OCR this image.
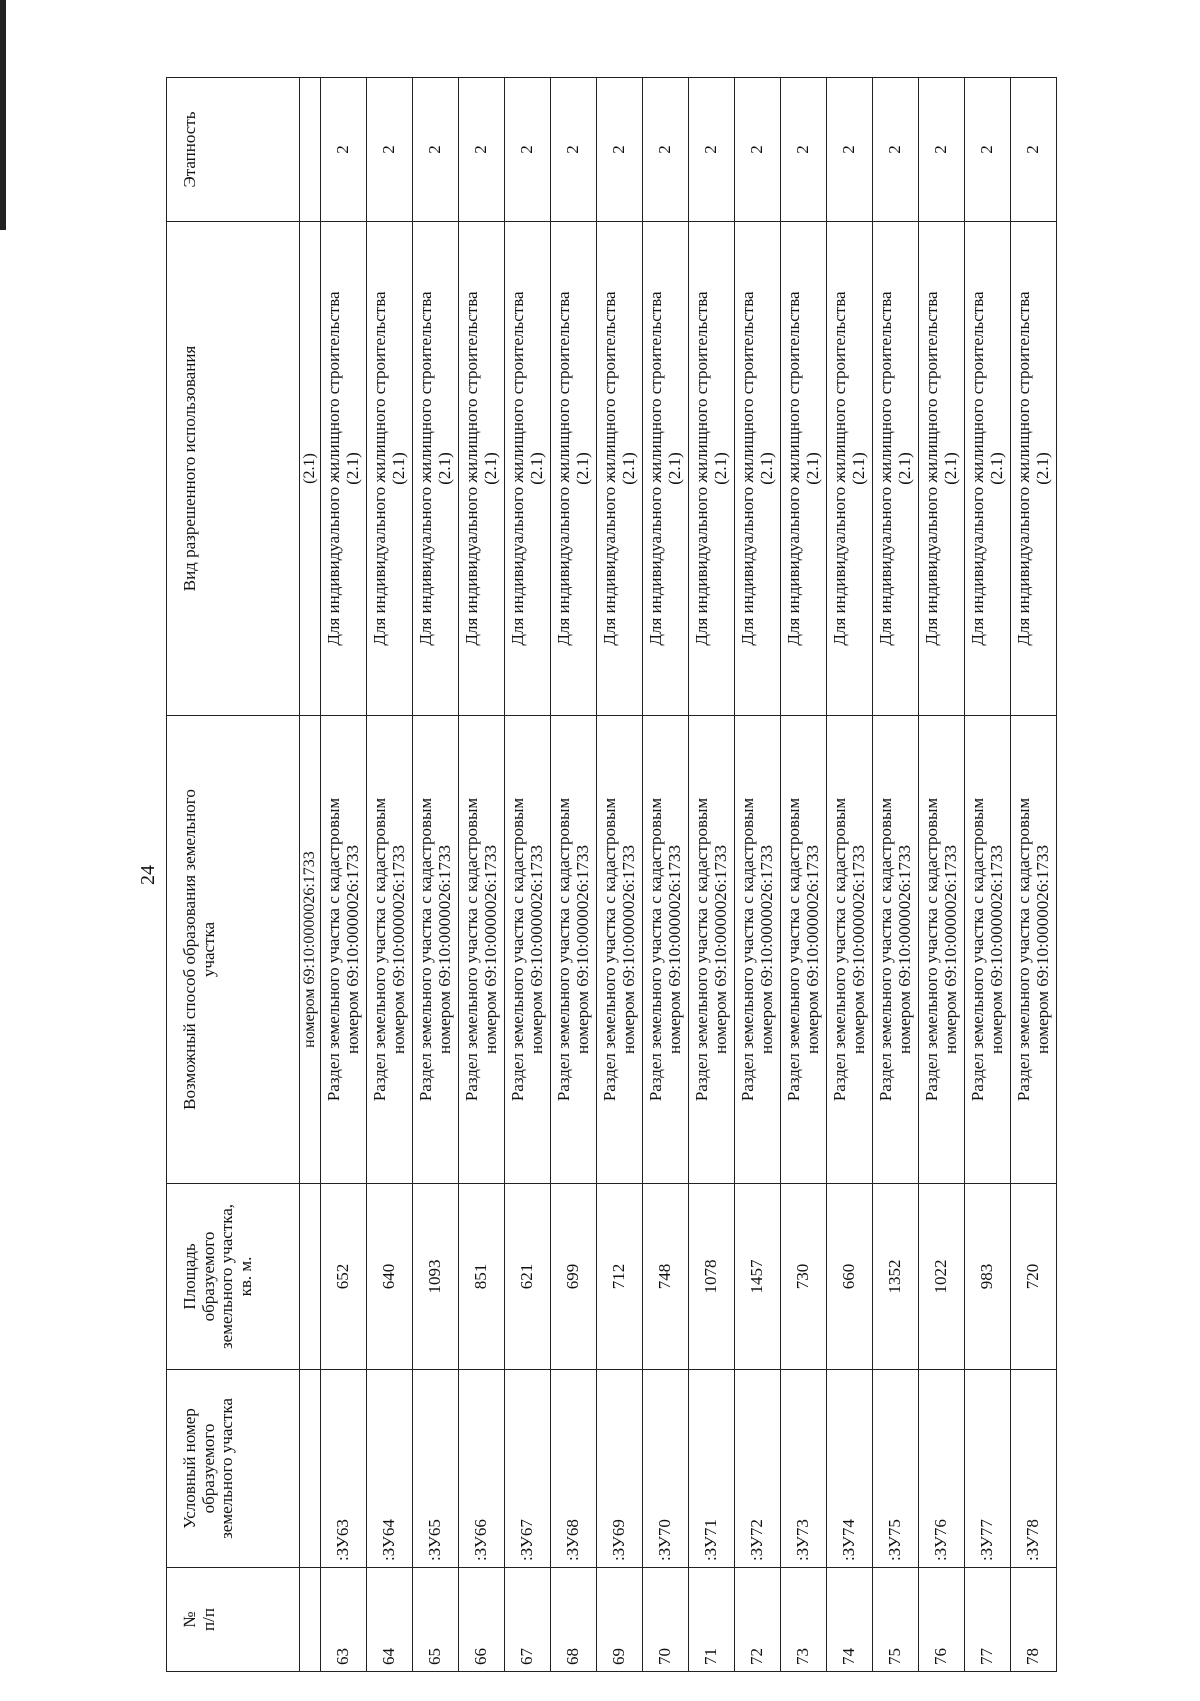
24
№ п/п	Условный номер образуемого земельного участка	Площадь образуемого земельного участка, кв. м.	Возможный способ образования земельного участка	Вид разрешенного использования	Этапность

			номером 69:10:0000026:1733	(2.1)	
63	:ЗУ63	652	Раздел земельного участка с кадастровым номером 69:10:0000026:1733	Для индивидуального жилищного строительства (2.1)	2
64	:ЗУ64	640	Раздел земельного участка с кадастровым номером 69:10:0000026:1733	Для индивидуального жилищного строительства (2.1)	2
65	:ЗУ65	1093	Раздел земельного участка с кадастровым номером 69:10:0000026:1733	Для индивидуального жилищного строительства (2.1)	2
66	:ЗУ66	851	Раздел земельного участка с кадастровым номером 69:10:0000026:1733	Для индивидуального жилищного строительства (2.1)	2
67	:ЗУ67	621	Раздел земельного участка с кадастровым номером 69:10:0000026:1733	Для индивидуального жилищного строительства (2.1)	2
68	:ЗУ68	699	Раздел земельного участка с кадастровым номером 69:10:0000026:1733	Для индивидуального жилищного строительства (2.1)	2
69	:ЗУ69	712	Раздел земельного участка с кадастровым номером 69:10:0000026:1733	Для индивидуального жилищного строительства (2.1)	2
70	:ЗУ70	748	Раздел земельного участка с кадастровым номером 69:10:0000026:1733	Для индивидуального жилищного строительства (2.1)	2
71	:ЗУ71	1078	Раздел земельного участка с кадастровым номером 69:10:0000026:1733	Для индивидуального жилищного строительства (2.1)	2
72	:ЗУ72	1457	Раздел земельного участка с кадастровым номером 69:10:0000026:1733	Для индивидуального жилищного строительства (2.1)	2
73	:ЗУ73	730	Раздел земельного участка с кадастровым номером 69:10:0000026:1733	Для индивидуального жилищного строительства (2.1)	2
74	:ЗУ74	660	Раздел земельного участка с кадастровым номером 69:10:0000026:1733	Для индивидуального жилищного строительства (2.1)	2
75	:ЗУ75	1352	Раздел земельного участка с кадастровым номером 69:10:0000026:1733	Для индивидуального жилищного строительства (2.1)	2
76	:ЗУ76	1022	Раздел земельного участка с кадастровым номером 69:10:0000026:1733	Для индивидуального жилищного строительства (2.1)	2
77	:ЗУ77	983	Раздел земельного участка с кадастровым номером 69:10:0000026:1733	Для индивидуального жилищного строительства (2.1)	2
78	:ЗУ78	720	Раздел земельного участка с кадастровым номером 69:10:0000026:1733	Для индивидуального жилищного строительства (2.1)	2
